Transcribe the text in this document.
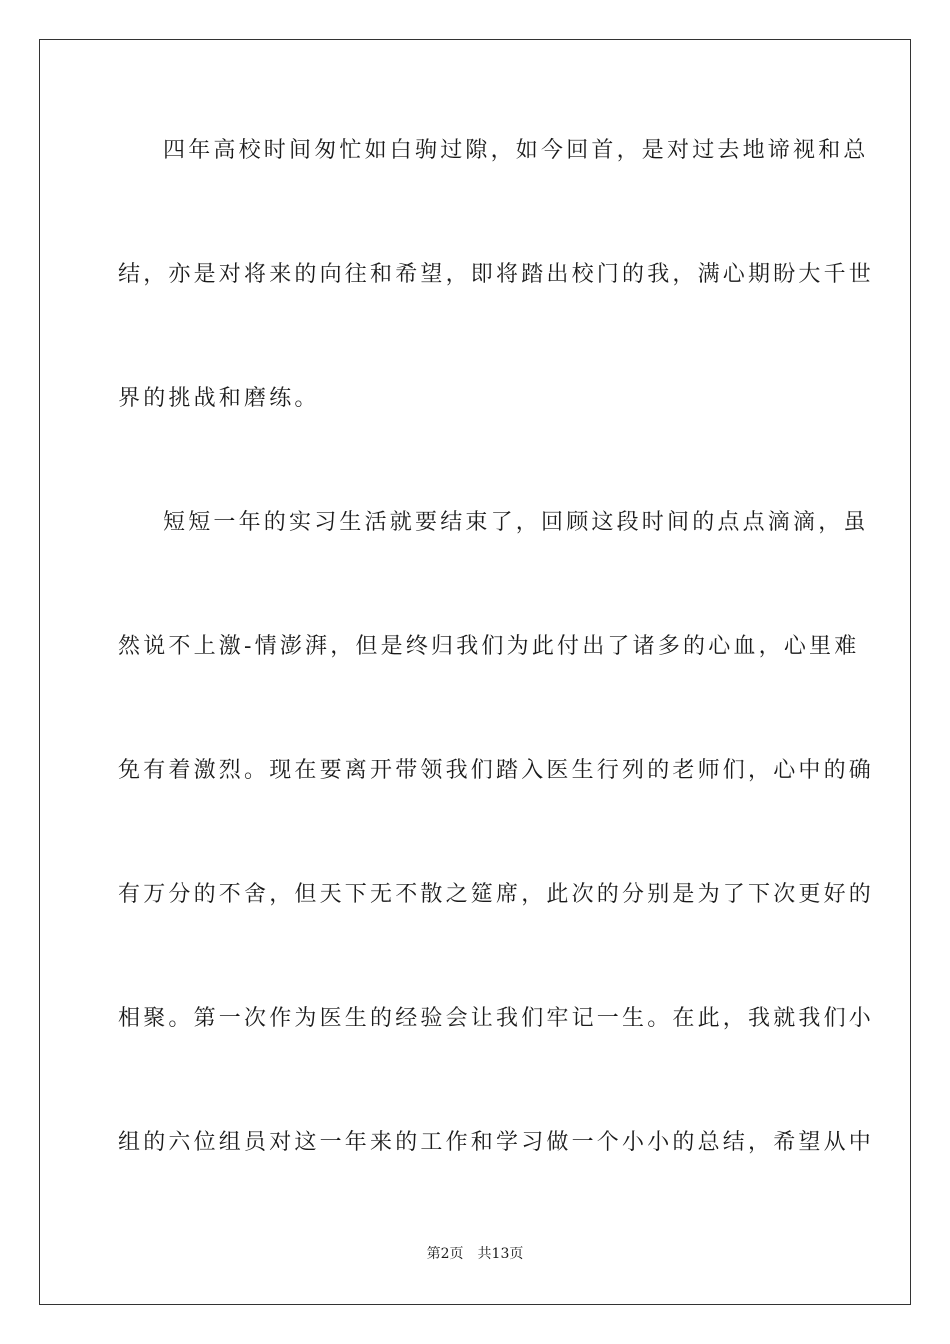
四年高校时间匆忙如白驹过隙，如今回首，是对过去地谛视和总
结，亦是对将来的向往和希望，即将踏出校门的我，满心期盼大千世
界的挑战和磨练。
短短一年的实习生活就要结束了，回顾这段时间的点点滴滴，虽
然说不上激-情澎湃，但是终归我们为此付出了诸多的心血，心里难
免有着激烈。现在要离开带领我们踏入医生行列的老师们，心中的确
有万分的不舍，但天下无不散之筵席，此次的分别是为了下次更好的
相聚。第一次作为医生的经验会让我们牢记一生。在此，我就我们小
组的六位组员对这一年来的工作和学习做一个小小的总结，希望从中
第2页 共13页
